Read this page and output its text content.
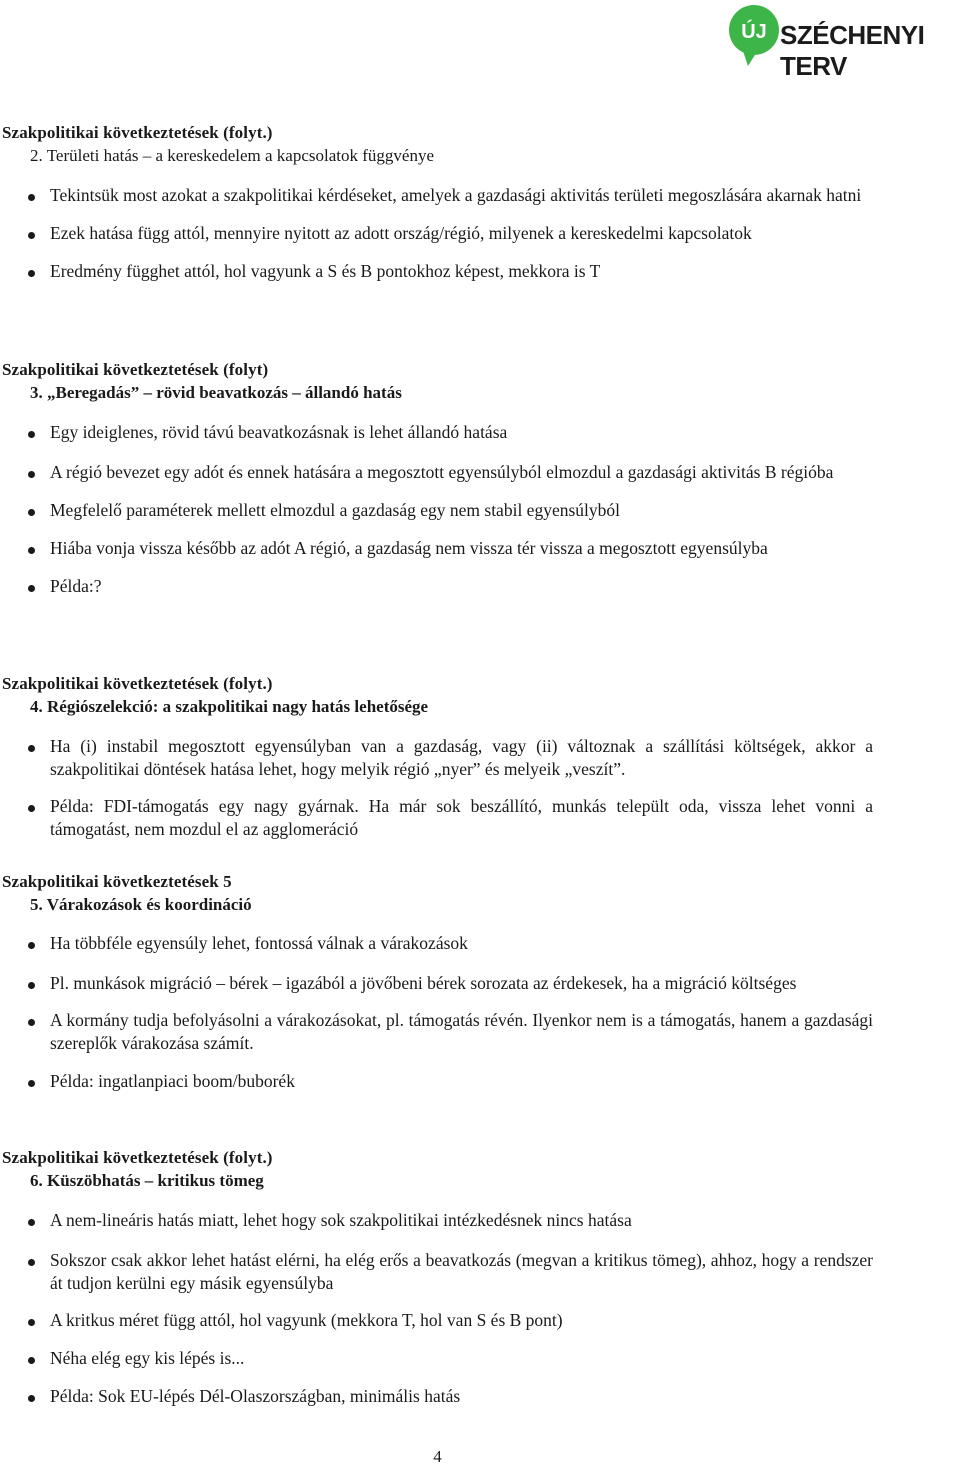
ÚJ SZÉCHENYI TERV
Szakpolitikai következtetések (folyt.)
2. Területi hatás – a kereskedelem a kapcsolatok függvénye
Tekintsük most azokat a szakpolitikai kérdéseket, amelyek a gazdasági aktivitás területi megoszlására akarnak hatni
Ezek hatása függ attól, mennyire nyitott az adott ország/régió, milyenek a kereskedelmi kapcsolatok
Eredmény függhet attól, hol vagyunk a S és B pontokhoz képest, mekkora is T
Szakpolitikai következtetések (folyt)
3. „Beregadás” – rövid beavatkozás – állandó hatás
Egy ideiglenes, rövid távú beavatkozásnak is lehet állandó hatása
A régió bevezet egy adót és ennek hatására a megosztott egyensúlyból elmozdul a gazdasági aktivitás B régióba
Megfelelő paraméterek mellett elmozdul a gazdaság egy nem stabil egyensúlyból
Hiába vonja vissza később az adót A régió, a gazdaság nem vissza tér vissza a megosztott egyensúlyba
Példa:?
Szakpolitikai következtetések (folyt.)
4. Régiószelekció: a szakpolitikai nagy hatás lehetősége
Ha (i) instabil megosztott egyensúlyban van a gazdaság, vagy (ii) változnak a szállítási költségek, akkor a szakpolitikai döntések hatása lehet, hogy melyik régió „nyer” és melyeik „veszít”.
Példa: FDI-támogatás egy nagy gyárnak. Ha már sok beszállító, munkás települt oda, vissza lehet vonni a támogatást, nem mozdul el az agglomeráció
Szakpolitikai következtetések 5
5. Várakozások és koordináció
Ha többféle egyensúly lehet, fontossá válnak a várakozások
Pl. munkások migráció – bérek – igazából a jövőbeni bérek sorozata az érdekesek, ha a migráció költséges
A kormány tudja befolyásolni a várakozásokat, pl. támogatás révén. Ilyenkor nem is a támogatás, hanem a gazdasági szereplők várakozása számít.
Példa: ingatlanpiaci boom/buborék
Szakpolitikai következtetések (folyt.)
6. Küszöbhatás – kritikus tömeg
A nem-lineáris hatás miatt, lehet hogy sok szakpolitikai intézkedésnek nincs hatása
Sokszor csak akkor lehet hatást elérni, ha elég erős a beavatkozás (megvan a kritikus tömeg), ahhoz, hogy a rendszer át tudjon kerülni egy másik egyensúlyba
A kritkus méret függ attól, hol vagyunk (mekkora T, hol van S és B pont)
Néha elég egy kis lépés is...
Példa: Sok EU-lépés Dél-Olaszországban, minimális hatás
4
